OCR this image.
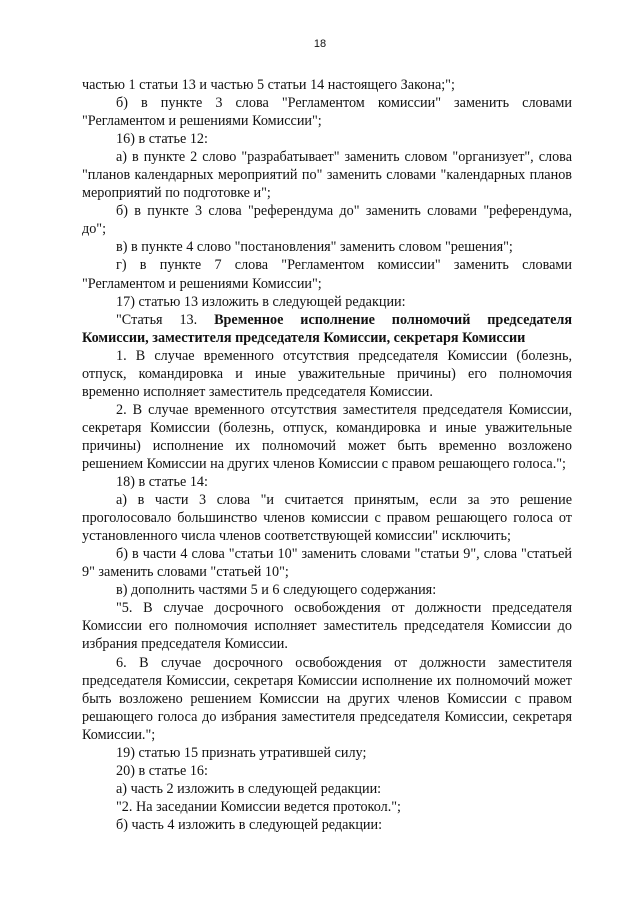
18

частью 1 статьи 13 и частью 5 статьи 14 настоящего Закона;";

б) в пункте 3 слова "Регламентом комиссии" заменить словами "Регламентом и решениями Комиссии";

16) в статье 12:

а) в пункте 2 слово "разрабатывает" заменить словом "организует", слова "планов календарных мероприятий по" заменить словами "календарных планов мероприятий по подготовке и";

б) в пункте 3 слова "референдума до" заменить словами "референдума, до";

в) в пункте 4 слово "постановления" заменить словом "решения";

г) в пункте 7 слова "Регламентом комиссии" заменить словами "Регламентом и решениями Комиссии";

17) статью 13 изложить в следующей редакции:

"Статья 13. Временное исполнение полномочий председателя Комиссии, заместителя председателя Комиссии, секретаря Комиссии

1. В случае временного отсутствия председателя Комиссии (болезнь, отпуск, командировка и иные уважительные причины) его полномочия временно исполняет заместитель председателя Комиссии.

2. В случае временного отсутствия заместителя председателя Комиссии, секретаря Комиссии (болезнь, отпуск, командировка и иные уважительные причины) исполнение их полномочий может быть временно возложено решением Комиссии на других членов Комиссии с правом решающего голоса.";

18) в статье 14:

а) в части 3 слова "и считается принятым, если за это решение проголосовало большинство членов комиссии с правом решающего голоса от установленного числа членов соответствующей комиссии" исключить;

б) в части 4 слова "статьи 10" заменить словами "статьи 9", слова "статьей 9" заменить словами "статьей 10";

в) дополнить частями 5 и 6 следующего содержания:

"5. В случае досрочного освобождения от должности председателя Комиссии его полномочия исполняет заместитель председателя Комиссии до избрания председателя Комиссии.

6. В случае досрочного освобождения от должности заместителя председателя Комиссии, секретаря Комиссии исполнение их полномочий может быть возложено решением Комиссии на других членов Комиссии с правом решающего голоса до избрания заместителя председателя Комиссии, секретаря Комиссии.";

19) статью 15 признать утратившей силу;

20) в статье 16:

а) часть 2 изложить в следующей редакции:

"2. На заседании Комиссии ведется протокол.";

б) часть 4 изложить в следующей редакции:
